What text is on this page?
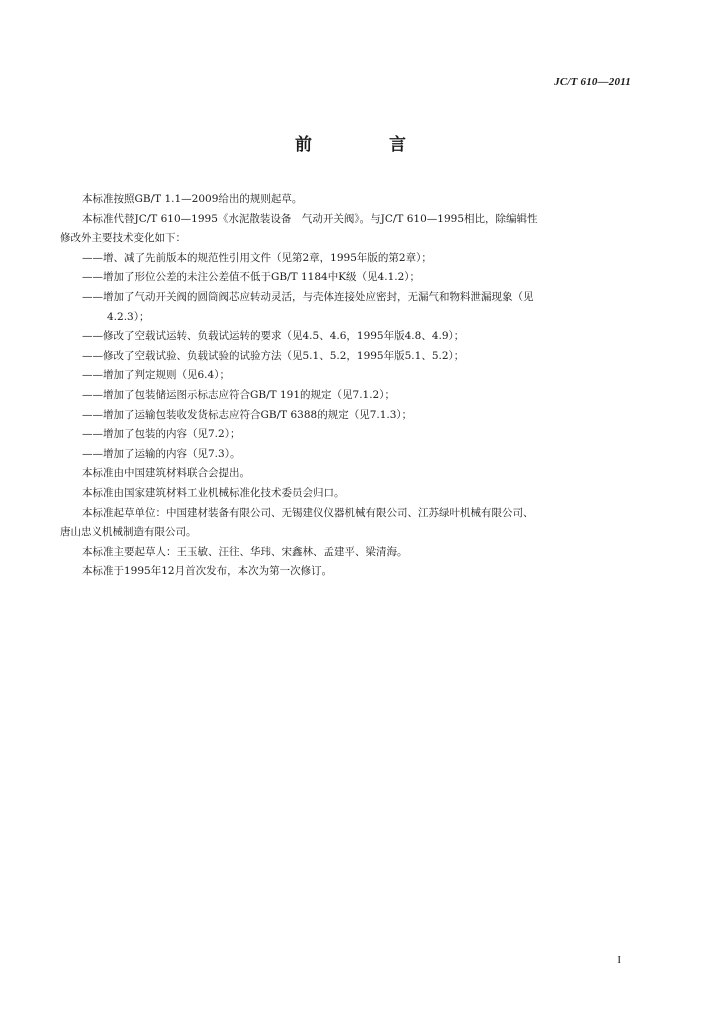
JC/T 610—2011
前　言

本标准按照GB/T 1.1—2009给出的规则起草。

本标准代替JC/T 610—1995《水泥散装设备　气动开关阀》。与JC/T 610—1995相比，除编辑性

修改外主要技术变化如下：

——增、减了先前版本的规范性引用文件（见第2章，1995年版的第2章）；

——增加了形位公差的未注公差值不低于GB/T 1184中K级（见4.1.2）；

——增加了气动开关阀的圆筒阀芯应转动灵活，与壳体连接处应密封，无漏气和物料泄漏现象（见

4.2.3）；

——修改了空载试运转、负载试运转的要求（见4.5、4.6，1995年版4.8、4.9）；

——修改了空载试验、负载试验的试验方法（见5.1、5.2，1995年版5.1、5.2）；

——增加了判定规则（见6.4）；

——增加了包装储运图示标志应符合GB/T 191的规定（见7.1.2）；

——增加了运输包装收发货标志应符合GB/T 6388的规定（见7.1.3）；

——增加了包装的内容（见7.2）；

——增加了运输的内容（见7.3）。

本标准由中国建筑材料联合会提出。

本标准由国家建筑材料工业机械标准化技术委员会归口。

本标准起草单位：中国建材装备有限公司、无锡建仪仪器机械有限公司、江苏绿叶机械有限公司、

唐山忠义机械制造有限公司。

本标准主要起草人：王玉敏、汪往、华玮、宋鑫林、孟建平、梁清海。

本标准于1995年12月首次发布，本次为第一次修订。

I
